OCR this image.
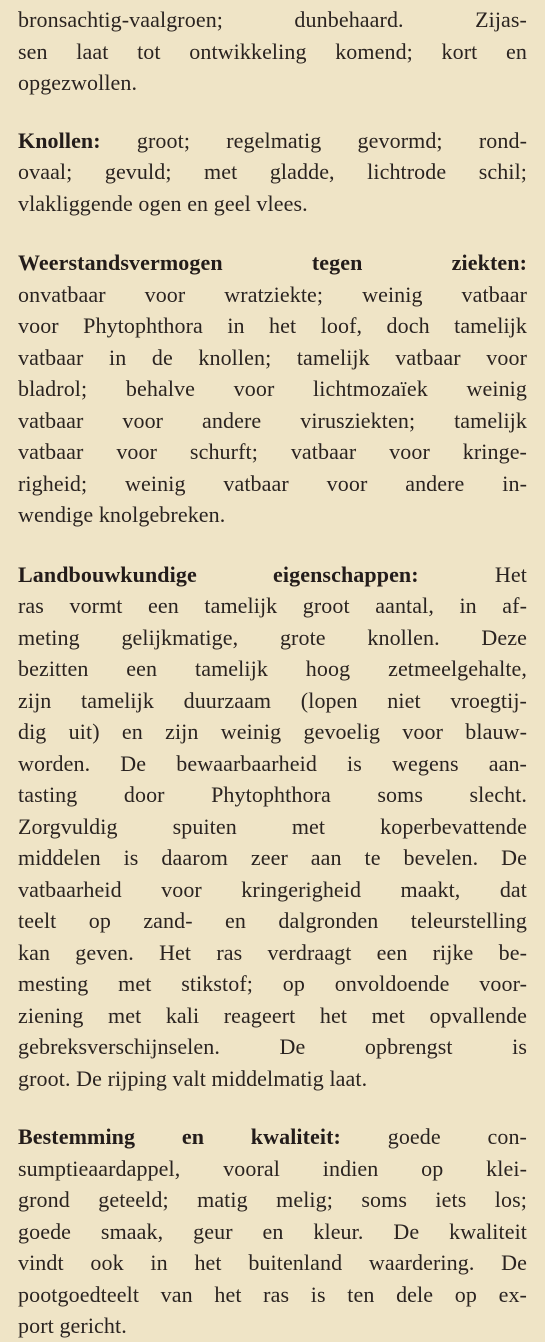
bronsachtig-vaalgroen; dunbehaard. Zijas-
sen laat tot ontwikkeling komend; kort en
opgezwollen.
Knollen: groot; regelmatig gevormd; rond-
ovaal; gevuld; met gladde, lichtrode schil;
vlakliggende ogen en geel vlees.
Weerstandsvermogen tegen ziekten:
onvatbaar voor wratziekte; weinig vatbaar
voor Phytophthora in het loof, doch tamelijk
vatbaar in de knollen; tamelijk vatbaar voor
bladrol; behalve voor lichtmozaïek weinig
vatbaar voor andere virusziekten; tamelijk
vatbaar voor schurft; vatbaar voor kringe-
righeid; weinig vatbaar voor andere in-
wendige knolgebreken.
Landbouwkundige eigenschappen: Het
ras vormt een tamelijk groot aantal, in af-
meting gelijkmatige, grote knollen. Deze
bezitten een tamelijk hoog zetmeelgehalte,
zijn tamelijk duurzaam (lopen niet vroegtij-
dig uit) en zijn weinig gevoelig voor blauw-
worden. De bewaarbaarheid is wegens aan-
tasting door Phytophthora soms slecht.
Zorgvuldig spuiten met koperbevattende
middelen is daarom zeer aan te bevelen. De
vatbaarheid voor kringerigheid maakt, dat
teelt op zand- en dalgronden teleurstelling
kan geven. Het ras verdraagt een rijke be-
mesting met stikstof; op onvoldoende voor-
ziening met kali reageert het met opvallende
gebreksverschijnselen. De opbrengst is
groot. De rijping valt middelmatig laat.
Bestemming en kwaliteit: goede con-
sumptieaardappel, vooral indien op klei-
grond geteeld; matig melig; soms iets los;
goede smaak, geur en kleur. De kwaliteit
vindt ook in het buitenland waardering. De
pootgoedteelt van het ras is ten dele op ex-
port gericht.
